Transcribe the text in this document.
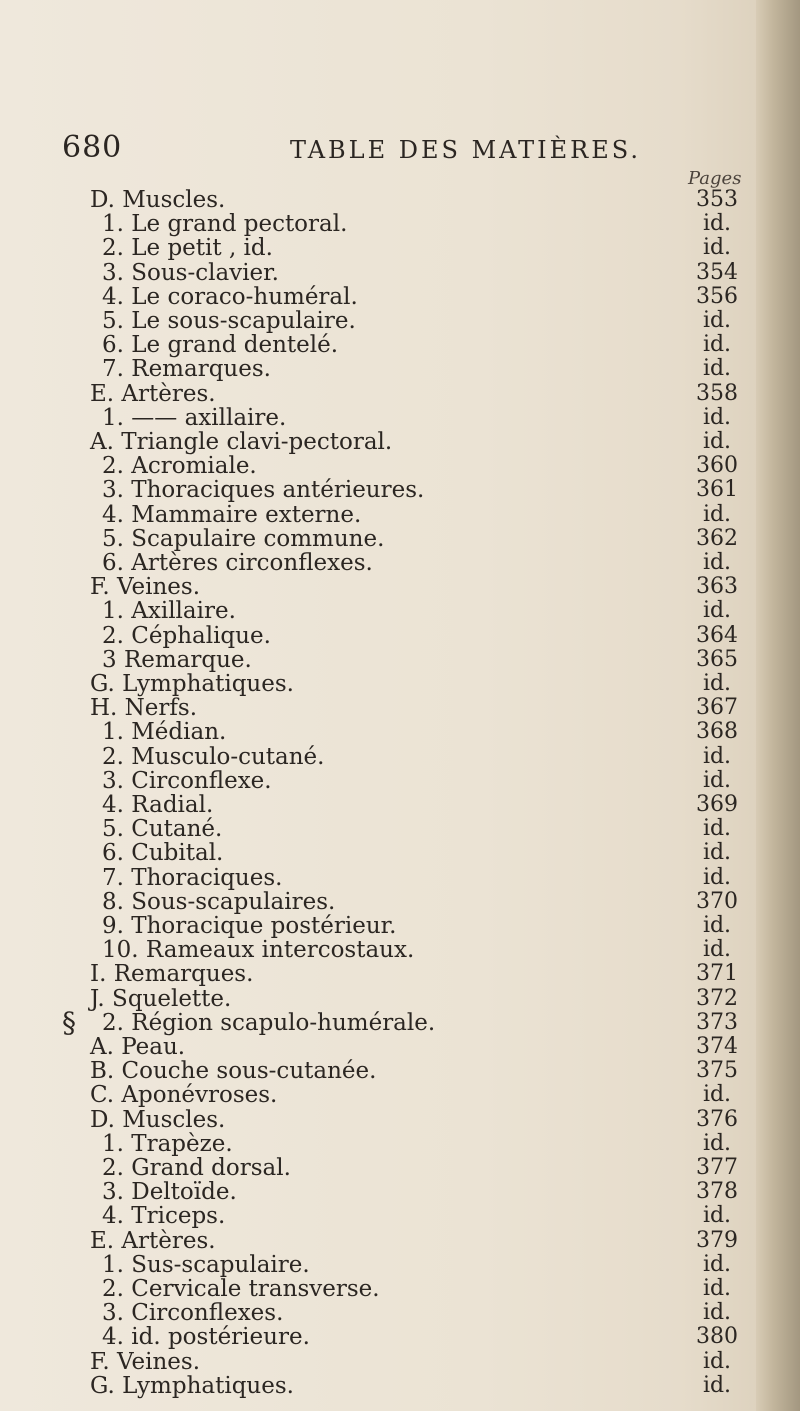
680	TABLE DES MATIÈRES.
Pages
§
D. Muscles.	353
1. Le grand pectoral.	id.
2. Le petit , id.	id.
3. Sous-clavier.	354
4. Le coraco-huméral.	356
5. Le sous-scapulaire.	id.
6. Le grand dentelé.	id.
7. Remarques.	id.
E. Artères.	358
1. —— axillaire.	id.
A. Triangle clavi-pectoral.	id.
2. Acromiale.	360
3. Thoraciques antérieures.	361
4. Mammaire externe.	id.
5. Scapulaire commune.	362
6. Artères circonflexes.	id.
F. Veines.	363
1. Axillaire.	id.
2. Céphalique.	364
3 Remarque.	365
G. Lymphatiques.	id.
H. Nerfs.	367
1. Médian.	368
2. Musculo-cutané.	id.
3. Circonflexe.	id.
4. Radial.	369
5. Cutané.	id.
6. Cubital.	id.
7. Thoraciques.	id.
8. Sous-scapulaires.	370
9. Thoracique postérieur.	id.
10. Rameaux intercostaux.	id.
I. Remarques.	371
J. Squelette.	372
2. Région scapulo-humérale.	373
A. Peau.	374
B. Couche sous-cutanée.	375
C. Aponévroses.	id.
D. Muscles.	376
1. Trapèze.	id.
2. Grand dorsal.	377
3. Deltoïde.	378
4. Triceps.	id.
E. Artères.	379
1. Sus-scapulaire.	id.
2. Cervicale transverse.	id.
3. Circonflexes.	id.
4. id. postérieure.	380
F. Veines.	id.
G. Lymphatiques.	id.
